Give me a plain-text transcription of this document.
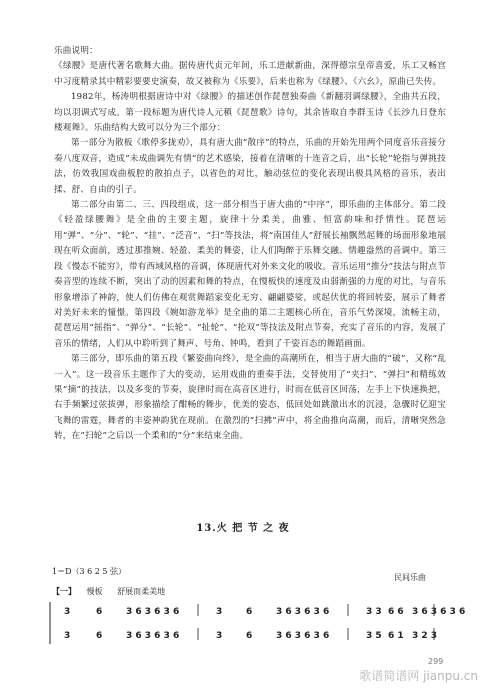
乐曲说明：

《绿腰》是唐代著名歌舞大曲。据传唐代贞元年间，乐工进献新曲，深得德宗皇帝喜爱，乐工又畅宫中习度精录其中精彩要要史演奏，故又被称为《乐要》，后来也称为《绿腰》、《六幺》，原曲已失传。

1982年，杨涛明根据唐诗中对《绿腰》的描述创作琵琶独奏曲《新翻羽调绿腰》，全曲共五段，均以羽调式写成。第一段标题为唐代诗人元稹《琵琶歌》诗句，其余皆取自李群玉诗《长沙九日登东楼观舞》。乐曲结构大致可以分为三个部分：

第一部分为散板《歌停多拢劝》，具有唐大曲“散序”的特点，乐曲的开始先用两个同度音乐音接分奏八度双音，造成“未成曲调先有情”的艺术感染，接着在清晰的十连音之后，出“长轮”轮指与弹挑技法，仿效我国戏曲板腔的散拍点子，以省色的对比，触动弦位的变化表现出极具风格的音乐，表出揉、舒、自由的引子。

第二部分由第二、三、四段组成，这一部分相当于唐大曲的“中序”，即乐曲的主体部分。第二段《轻盈绿腰舞》是全曲的主要主题，旋律十分柔美，曲雅、恒富韵味和抒情性。琵琶运用“弹”、“分”、“轮”、“挂”、“泛音”、“扫”等技法，将“南国佳人”舒展长袖飘然起舞的场面形象地展现在听众面前，透过那推婉、轻盈、柔美的舞姿，让人们陶醉于乐舞交融、情趣盎然的音调中。第三段《慢态不能穷》，带有西域风格的音调，体现唐代对外来文化的吸收。音乐运用“推分”技法与附点节奏音型的连续不断，突出了动的因素和舞的特点，在慢板快的速度及由弱渐强的力度的对比，与音乐形象增添了神韵，使人们仿佛在观赏舞蹈家变化无穷、翩翩婆娑，或起伏优的将回转姿，展示了舞者对美好未来的憧憬。第四段《婉如游龙举》是全曲的第二主题核心所在，音乐气势深境，流畅主动，琵琶运用“摇指”、“弹分”、“长轮”、“扯轮”、“抡双”等技法及附点节奏，充实了音乐的内容，发展了音乐的情绪，人们从中聆听到了舞声、号角、钟鸣，看到了千姿百态的舞蹈画面。

第三部分，即乐曲的第五段《繁姿曲向终》，是全曲的高潮所在，相当于唐大曲的“破”，又称“乱一入”。这一段音乐主题作了大的变动，运用戏曲的重奏手法，交替使用了“夹扫”、“弹扫”和精练效果“摘”的技法，以及多变的节奏，旋律时而在高音区进行，时而在低音区回荡，左手上下快速换把，右手频繁过弦拔弹，形象描绘了酣畅的舞步，优美的姿态，低回处如跳激出水的沉浸，急骤时亿迎宝飞舞的雷霆，舞者的丰姿神韵犹在现前。在激烈的“扫拂”声中，将全曲推向高潮，而后，清晰突然急转，在“扫轮”之后以一个柔和的“分”来结束全曲。

13.火 把 节 之 夜
1＝D（3 6 2 5 弦）
民间乐曲
【一】 慢板 舒展而柔美地
3	6	3 6 3 6 3 6	3	6	3 6 3 6 3 6	3 3 6 6 3 6 3 6 3 6
3	6	3 6 3 6 3 6	3	6	3 6 3 6 3 6	3 5 6 1 3 2 3
299
歌谱简谱网 jianpu.cn
